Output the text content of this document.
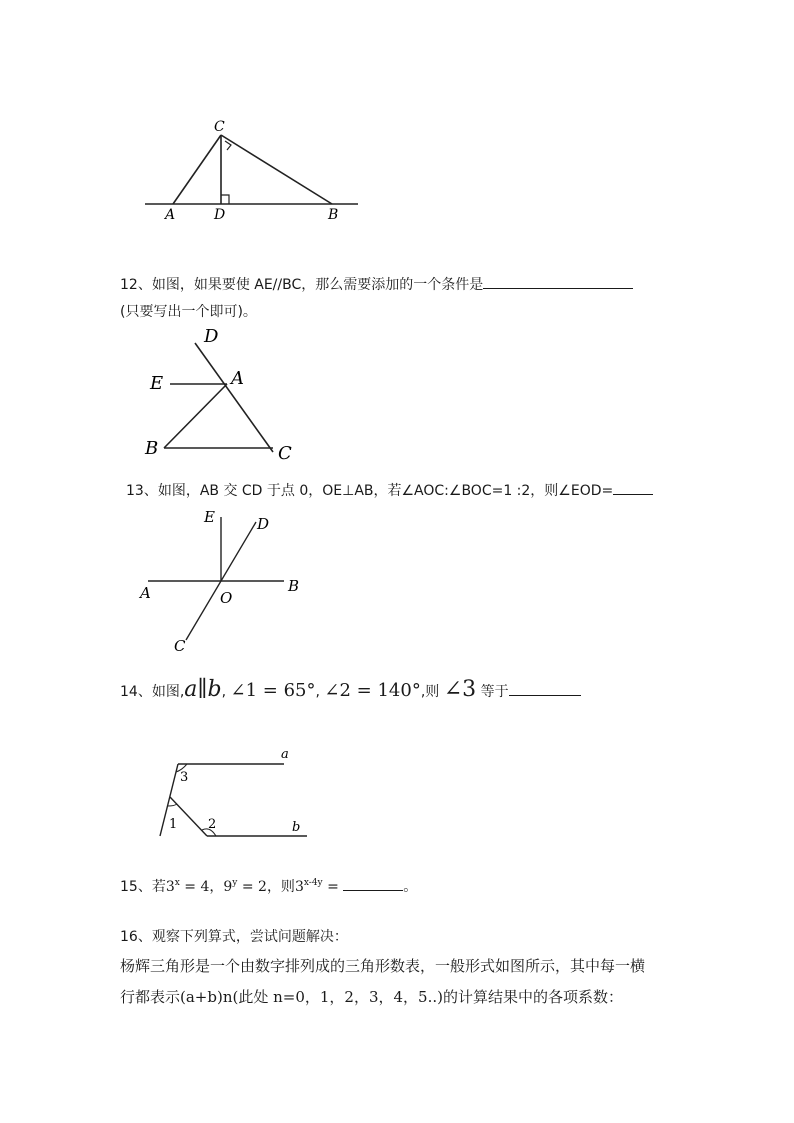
C
A	D	B
12、如图，如果要使 AE//BC，那么需要添加的一个条件是
(只要写出一个即可)。
D
E	A
B	C
13、如图，AB 交 CD 于点 0，OE⊥AB，若∠AOC:∠BOC=1 :2，则∠EOD=
E	D
A	O
B
C
14、如图,a∥b, ∠1 = 65°, ∠2 = 140°,则 ∠3 等于
a
b
3
1 2
15、若$3^x = 4$，$9^y = 2$，则$3^{x-4y}$ =	。
16、观察下列算式，尝试问题解决：
杨辉三角形是一个由数字排列成的三角形数表，一般形式如图所示，其中每一横
行都表示(a+b)n(此处 n=0，1，2，3，4，5..)的计算结果中的各项系数：
